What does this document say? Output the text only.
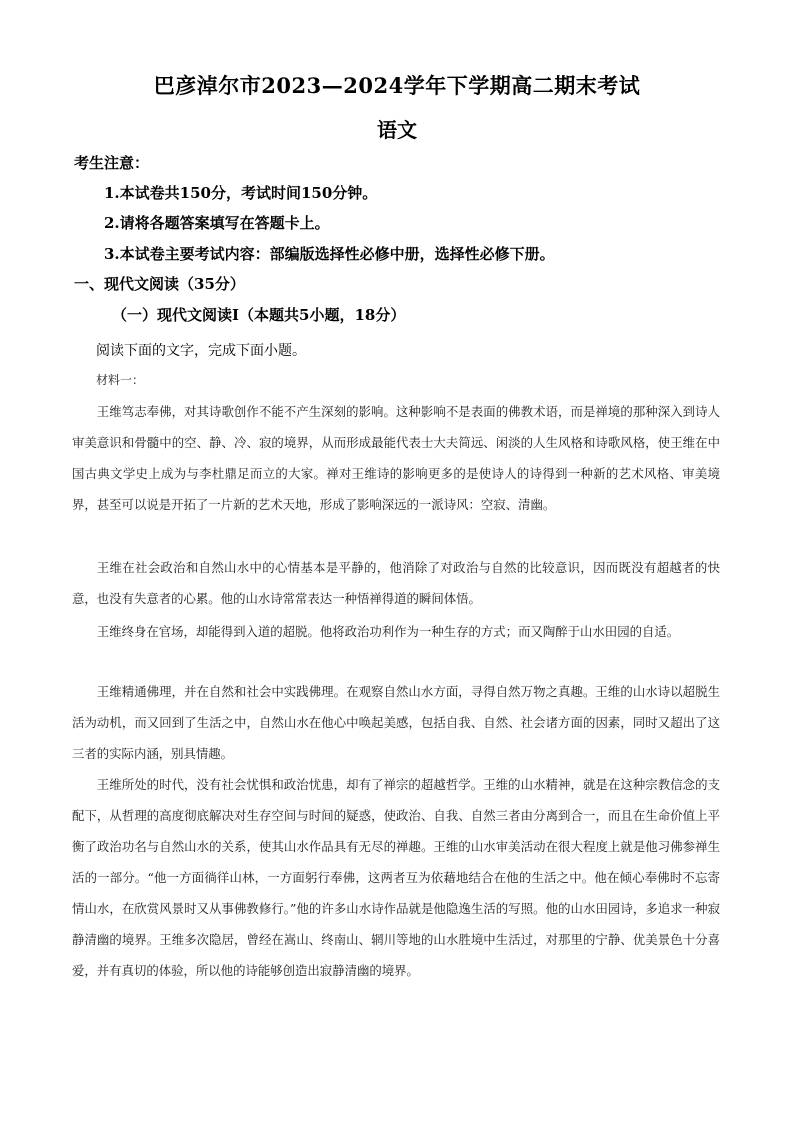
巴彦淖尔市2023—2024学年下学期高二期末考试
语文
考生注意：
1.本试卷共150分，考试时间150分钟。
2.请将各题答案填写在答题卡上。
3.本试卷主要考试内容：部编版选择性必修中册，选择性必修下册。
一、现代文阅读（35分）
（一）现代文阅读Ⅰ（本题共5小题，18分）
阅读下面的文字，完成下面小题。
材料一：

王维笃志奉佛，对其诗歌创作不能不产生深刻的影响。这种影响不是表面的佛教术语，而是禅境的那种深入到诗人审美意识和骨髓中的空、静、冷、寂的境界，从而形成最能代表士大夫简远、闲淡的人生风格和诗歌风格，使王维在中国古典文学史上成为与李杜鼎足而立的大家。禅对王维诗的影响更多的是使诗人的诗得到一种新的艺术风格、审美境界，甚至可以说是开拓了一片新的艺术天地，形成了影响深远的一派诗风：空寂、清幽。

王维在社会政治和自然山水中的心情基本是平静的，他消除了对政治与自然的比较意识，因而既没有超越者的快意，也没有失意者的心累。他的山水诗常常表达一种悟禅得道的瞬间体悟。

王维终身在官场，却能得到入道的超脱。他将政治功利作为一种生存的方式；而又陶醉于山水田园的自适。

王维精通佛理，并在自然和社会中实践佛理。在观察自然山水方面，寻得自然万物之真趣。王维的山水诗以超脱生活为动机，而又回到了生活之中，自然山水在他心中唤起美感，包括自我、自然、社会诸方面的因素，同时又超出了这三者的实际内涵，别具情趣。

王维所处的时代，没有社会忧惧和政治忧患，却有了禅宗的超越哲学。王维的山水精神，就是在这种宗教信念的支配下，从哲理的高度彻底解决对生存空间与时间的疑惑，使政治、自我、自然三者由分离到合一，而且在生命价值上平衡了政治功名与自然山水的关系，使其山水作品具有无尽的禅趣。王维的山水审美活动在很大程度上就是他习佛参禅生活的一部分。“他一方面徜徉山林，一方面躬行奉佛，这两者互为依藉地结合在他的生活之中。他在倾心奉佛时不忘寄情山水，在欣赏风景时又从事佛教修行。”他的许多山水诗作品就是他隐逸生活的写照。他的山水田园诗，多追求一种寂静清幽的境界。王维多次隐居，曾经在嵩山、终南山、辋川等地的山水胜境中生活过，对那里的宁静、优美景色十分喜爱，并有真切的体验，所以他的诗能够创造出寂静清幽的境界。
